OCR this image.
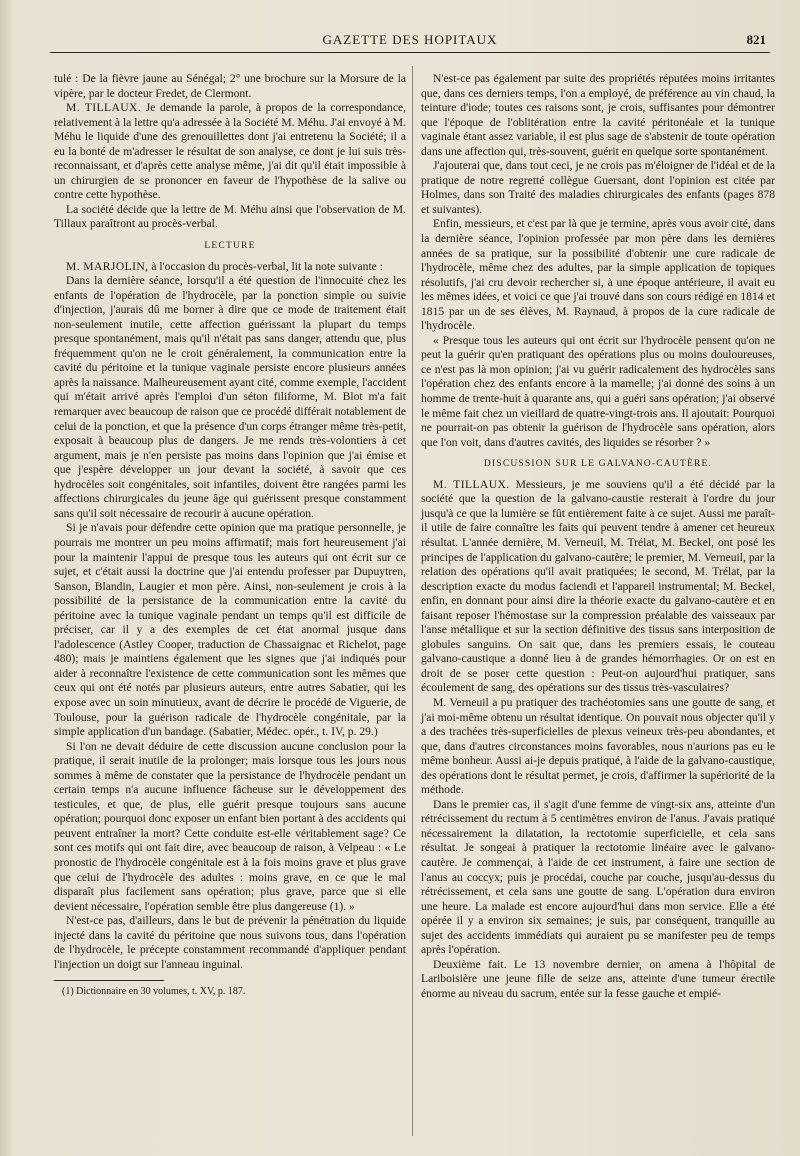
GAZETTE DES HOPITAUX	821

tulé : De la fièvre jaune au Sénégal; 2° une brochure sur la Morsure de la vipère, par le docteur Fredet, de Clermont.

M. TILLAUX. Je demande la parole, à propos de la correspondance, relativement à la lettre qu'a adressée à la Société M. Méhu. J'ai envoyé à M. Méhu le liquide d'une des grenouillettes dont j'ai entretenu la Société; il a eu la bonté de m'adresser le résultat de son analyse, ce dont je lui suis très-reconnaissant, et d'après cette analyse même, j'ai dit qu'il était impossible à un chirurgien de se prononcer en faveur de l'hypothèse de la salive ou contre cette hypothèse.

La société décide que la lettre de M. Méhu ainsi que l'observation de M. Tillaux paraîtront au procès-verbal.

LECTURE

M. MARJOLIN, à l'occasion du procès-verbal, lit la note suivante :

Dans la dernière séance, lorsqu'il a été question de l'innocuité chez les enfants de l'opération de l'hydrocèle, par la ponction simple ou suivie d'injection, j'aurais dû me borner à dire que ce mode de traitement était non-seulement inutile, cette affection guérissant la plupart du temps presque spontanément, mais qu'il n'était pas sans danger, attendu que, plus fréquemment qu'on ne le croit généralement, la communication entre la cavité du péritoine et la tunique vaginale persiste encore plusieurs années après la naissance. Malheureusement ayant cité, comme exemple, l'accident qui m'était arrivé après l'emploi d'un séton filiforme, M. Blot m'a fait remarquer avec beaucoup de raison que ce procédé différait notablement de celui de la ponction, et que la présence d'un corps étranger même très-petit, exposait à beaucoup plus de dangers. Je me rends très-volontiers à cet argument, mais je n'en persiste pas moins dans l'opinion que j'ai émise et que j'espère développer un jour devant la société, à savoir que ces hydrocèles soit congénitales, soit infantiles, doivent être rangées parmi les affections chirurgicales du jeune âge qui guérissent presque constamment sans qu'il soit nécessaire de recourir à aucune opération.

Si je n'avais pour défendre cette opinion que ma pratique personnelle, je pourrais me montrer un peu moins affirmatif; mais fort heureusement j'ai pour la maintenir l'appui de presque tous les auteurs qui ont écrit sur ce sujet, et c'était aussi la doctrine que j'ai entendu professer par Dupuytren, Sanson, Blandin, Laugier et mon père. Ainsi, non-seulement je crois à la possibilité de la persistance de la communication entre la cavité du péritoine avec la tunique vaginale pendant un temps qu'il est difficile de préciser, car il y a des exemples de cet état anormal jusque dans l'adolescence (Astley Cooper, traduction de Chassaignac et Richelot, page 480); mais je maintiens également que les signes que j'ai indiqués pour aider à reconnaître l'existence de cette communication sont les mêmes que ceux qui ont été notés par plusieurs auteurs, entre autres Sabatier, qui les expose avec un soin minutieux, avant de décrire le procédé de Viguerie, de Toulouse, pour la guérison radicale de l'hydrocèle congénitale, par la simple application d'un bandage. (Sabatier, Médec. opér., t. IV, p. 29.)

Si l'on ne devait déduire de cette discussion aucune conclusion pour la pratique, il serait inutile de la prolonger; mais lorsque tous les jours nous sommes à même de constater que la persistance de l'hydrocèle pendant un certain temps n'a aucune influence fâcheuse sur le développement des testicules, et que, de plus, elle guérit presque toujours sans aucune opération; pourquoi donc exposer un enfant bien portant à des accidents qui peuvent entraîner la mort? Cette conduite est-elle véritablement sage? Ce sont ces motifs qui ont fait dire, avec beaucoup de raison, à Velpeau : « Le pronostic de l'hydrocèle congénitale est à la fois moins grave et plus grave que celui de l'hydrocèle des adultes : moins grave, en ce que le mal disparaît plus facilement sans opération; plus grave, parce que si elle devient nécessaire, l'opération semble être plus dangereuse (1). »

N'est-ce pas, d'ailleurs, dans le but de prévenir la pénétration du liquide injecté dans la cavité du péritoine que nous suivons tous, dans l'opération de l'hydrocèle, le précepte constamment recommandé d'appliquer pendant l'injection un doigt sur l'anneau inguinal.

(1) Dictionnaire en 30 volumes, t. XV, p. 187.

N'est-ce pas également par suite des propriétés réputées moins irritantes que, dans ces derniers temps, l'on a employé, de préférence au vin chaud, la teinture d'iode; toutes ces raisons sont, je crois, suffisantes pour démontrer que l'époque de l'oblitération entre la cavité péritonéale et la tunique vaginale étant assez variable, il est plus sage de s'abstenir de toute opération dans une affection qui, très-souvent, guérit en quelque sorte spontanément.

J'ajouterai que, dans tout ceci, je ne crois pas m'éloigner de l'idéal et de la pratique de notre regretté collègue Guersant, dont l'opinion est citée par Holmes, dans son Traité des maladies chirurgicales des enfants (pages 878 et suivantes).

Enfin, messieurs, et c'est par là que je termine, après vous avoir cité, dans la dernière séance, l'opinion professée par mon père dans les dernières années de sa pratique, sur la possibilité d'obtenir une cure radicale de l'hydrocèle, même chez des adultes, par la simple application de topiques résolutifs, j'ai cru devoir rechercher si, à une époque antérieure, il avait eu les mêmes idées, et voici ce que j'ai trouvé dans son cours rédigé en 1814 et 1815 par un de ses élèves, M. Raynaud, à propos de la cure radicale de l'hydrocèle.

« Presque tous les auteurs qui ont écrit sur l'hydrocèle pensent qu'on ne peut la guérir qu'en pratiquant des opérations plus ou moins douloureuses, ce n'est pas là mon opinion; j'ai vu guérir radicalement des hydrocèles sans l'opération chez des enfants encore à la mamelle; j'ai donné des soins à un homme de trente-huit à quarante ans, qui a guéri sans opération; j'ai observé le même fait chez un vieillard de quatre-vingt-trois ans. Il ajoutait: Pourquoi ne pourrait-on pas obtenir la guérison de l'hydrocèle sans opération, alors que l'on voit, dans d'autres cavités, des liquides se résorber ? »

DISCUSSION SUR LE GALVANO-CAUTÈRE.

M. TILLAUX. Messieurs, je me souviens qu'il a été décidé par la société que la question de la galvano-caustie resterait à l'ordre du jour jusqu'à ce que la lumière se fût entièrement faite à ce sujet. Aussi me paraît-il utile de faire connaître les faits qui peuvent tendre à amener cet heureux résultat. L'année dernière, M. Verneuil, M. Trélat, M. Beckel, ont posé les principes de l'application du galvano-cautère; le premier, M. Verneuil, par la relation des opérations qu'il avait pratiquées; le second, M. Trélat, par la description exacte du modus faciendi et l'appareil instrumental; M. Beckel, enfin, en donnant pour ainsi dire la théorie exacte du galvano-cautère et en faisant reposer l'hémostase sur la compression préalable des vaisseaux par l'anse métallique et sur la section définitive des tissus sans interposition de globules sanguins. On sait que, dans les premiers essais, le couteau galvano-caustique a donné lieu à de grandes hémorrhagies. Or on est en droit de se poser cette question : Peut-on aujourd'hui pratiquer, sans écoulement de sang, des opérations sur des tissus très-vasculaires?

M. Verneuil a pu pratiquer des trachéotomies sans une goutte de sang, et j'ai moi-même obtenu un résultat identique. On pouvait nous objecter qu'il y a des trachées très-superficielles de plexus veineux très-peu abondantes, et que, dans d'autres circonstances moins favorables, nous n'aurions pas eu le même bonheur. Aussi ai-je depuis pratiqué, à l'aide de la galvano-caustique, des opérations dont le résultat permet, je crois, d'affirmer la supériorité de la méthode.

Dans le premier cas, il s'agit d'une femme de vingt-six ans, atteinte d'un rétrécissement du rectum à 5 centimètres environ de l'anus. J'avais pratiqué nécessairement la dilatation, la rectotomie superficielle, et cela sans résultat. Je songeai à pratiquer la rectotomie linéaire avec le galvano-cautère. Je commençai, à l'aide de cet instrument, à faire une section de l'anus au coccyx; puis je procédai, couche par couche, jusqu'au-dessus du rétrécissement, et cela sans une goutte de sang. L'opération dura environ une heure. La malade est encore aujourd'hui dans mon service. Elle a été opérée il y a environ six semaines; je suis, par conséquent, tranquille au sujet des accidents immédiats qui auraient pu se manifester peu de temps après l'opération.

Deuxième fait. Le 13 novembre dernier, on amena à l'hôpital de Lariboisière une jeune fille de seize ans, atteinte d'une tumeur érectile énorme au niveau du sacrum, entée sur la fesse gauche et empié-
